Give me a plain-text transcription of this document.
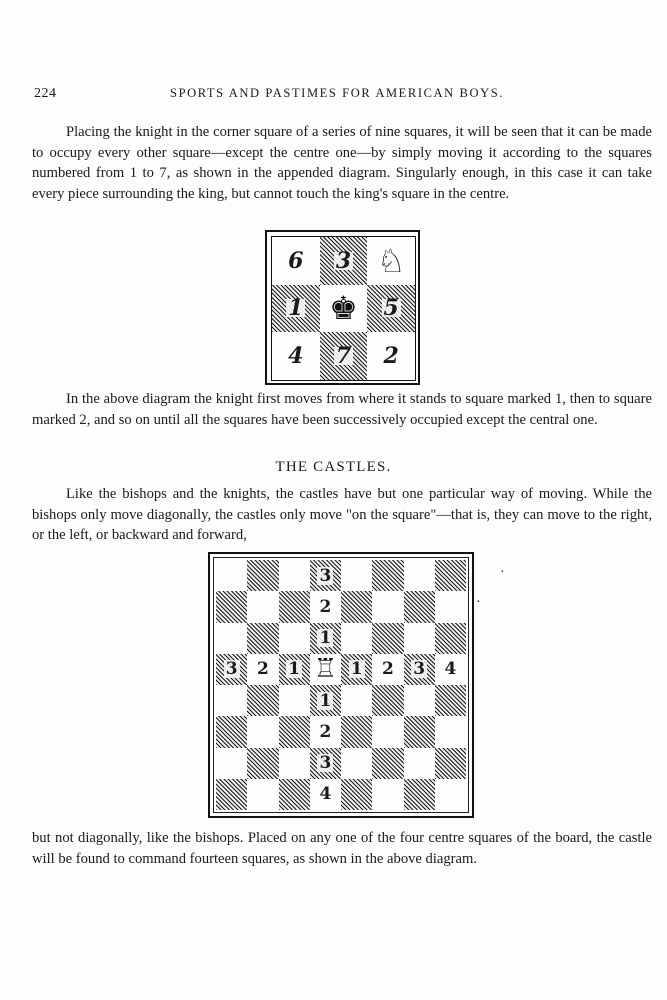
224	SPORTS AND PASTIMES FOR AMERICAN BOYS.

Placing the knight in the corner square of a series of nine squares, it will be seen that it can be made to occupy every other square—except the centre one—by simply moving it according to the squares numbered from 1 to 7, as shown in the appended diagram. Singularly enough, in this case it can take every piece surrounding the king, but cannot touch the king's square in the centre.

6 3 ♘
1 ♚ 5
4 7 2

In the above diagram the knight first moves from where it stands to square marked 1, then to square marked 2, and so on until all the squares have been successively occupied except the central one.

THE CASTLES.

Like the bishops and the knights, the castles have but one particular way of moving. While the bishops only move diagonally, the castles only move "on the square"—that is, they can move to the right, or the left, or backward and forward,

3
2
1
3 2 1 ♖ 1 2 3 4
1
2
3
4
·
·

but not diagonally, like the bishops. Placed on any one of the four centre squares of the board, the castle will be found to command fourteen squares, as shown in the above diagram.
